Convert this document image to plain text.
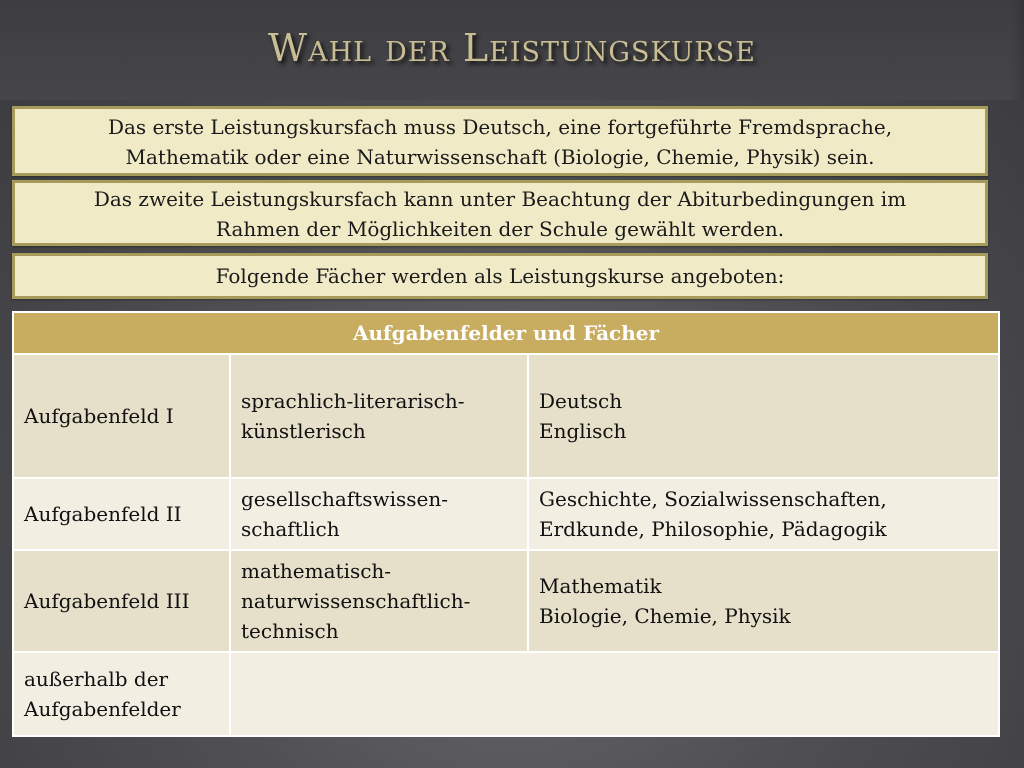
Wahl der Leistungskurse
Das erste Leistungskursfach muss Deutsch, eine fortgeführte Fremdsprache,
Mathematik oder eine Naturwissenschaft (Biologie, Chemie, Physik) sein.
Das zweite Leistungskursfach kann unter Beachtung der Abiturbedingungen im
Rahmen der Möglichkeiten der Schule gewählt werden.
Folgende Fächer werden als Leistungskurse angeboten:
Aufgabenfelder und Fächer		
Aufgabenfeld I	sprachlich-literarisch-
künstlerisch	Deutsch
Englisch

Aufgabenfeld II	gesellschaftswissen-
schaftlich	Geschichte, Sozialwissenschaften,
Erdkunde, Philosophie, Pädagogik

Aufgabenfeld III	mathematisch-
naturwissenschaftlich-
technisch	Mathematik
Biologie, Chemie, Physik

außerhalb der
Aufgabenfelder		
